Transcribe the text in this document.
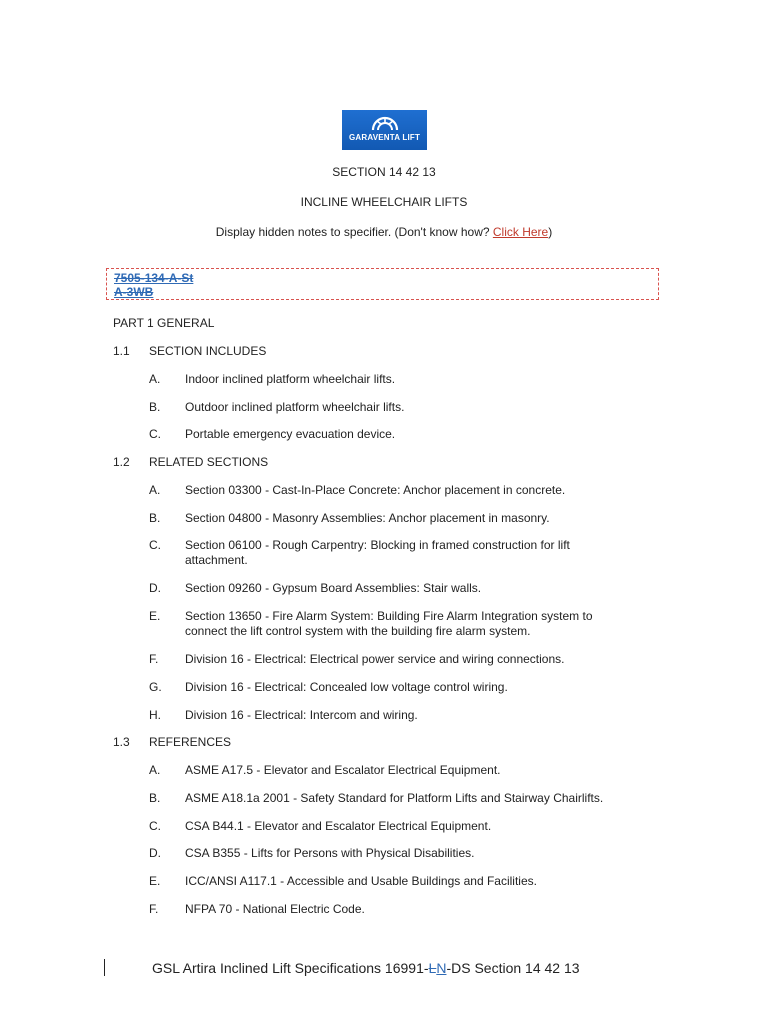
GARAVENTA LIFT
SECTION 14 42 13
INCLINE WHEELCHAIR LIFTS
Display hidden notes to specifier. (Don't know how? Click Here)
7505-134-A-St
A-3WB
PART 1 GENERAL
1.1 SECTION INCLUDES
A. Indoor inclined platform wheelchair lifts.
B. Outdoor inclined platform wheelchair lifts.
C. Portable emergency evacuation device.
1.2 RELATED SECTIONS
A. Section 03300 - Cast-In-Place Concrete: Anchor placement in concrete.
B. Section 04800 - Masonry Assemblies: Anchor placement in masonry.
C. Section 06100 - Rough Carpentry: Blocking in framed construction for lift attachment.
D. Section 09260 - Gypsum Board Assemblies: Stair walls.
E. Section 13650 - Fire Alarm System: Building Fire Alarm Integration system to connect the lift control system with the building fire alarm system.
F. Division 16 - Electrical: Electrical power service and wiring connections.
G. Division 16 - Electrical: Concealed low voltage control wiring.
H. Division 16 - Electrical: Intercom and wiring.
1.3 REFERENCES
A. ASME A17.5 - Elevator and Escalator Electrical Equipment.
B. ASME A18.1a 2001 - Safety Standard for Platform Lifts and Stairway Chairlifts.
C. CSA B44.1 - Elevator and Escalator Electrical Equipment.
D. CSA B355 - Lifts for Persons with Physical Disabilities.
E. ICC/ANSI A117.1 - Accessible and Usable Buildings and Facilities.
F. NFPA 70 - National Electric Code.
GSL Artira Inclined Lift Specifications 16991-LN-DS Section 14 42 13
